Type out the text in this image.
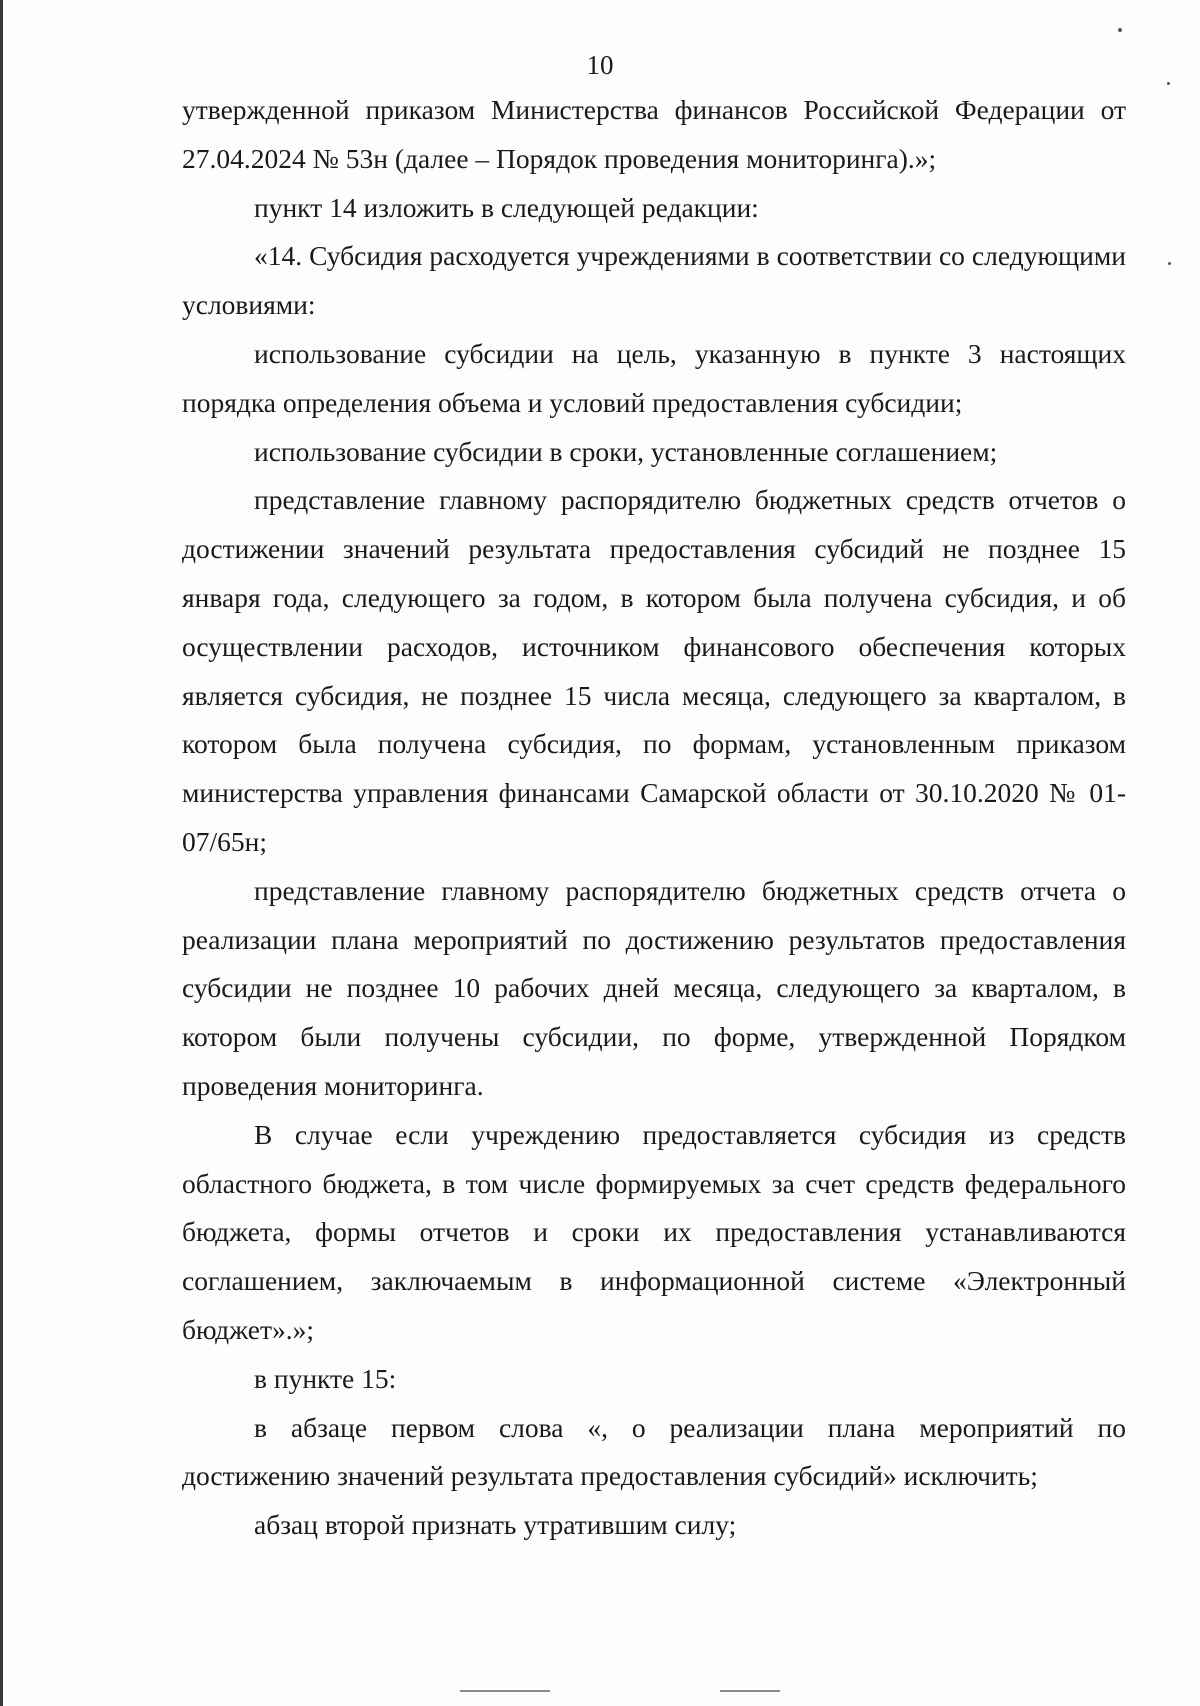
10

утвержденной приказом Министерства финансов Российской Федерации от 27.04.2024 № 53н (далее – Порядок проведения мониторинга).»;

пункт 14 изложить в следующей редакции:

«14. Субсидия расходуется учреждениями в соответствии со следующими условиями:

использование субсидии на цель, указанную в пункте 3 настоящих порядка определения объема и условий предоставления субсидии;

использование субсидии в сроки, установленные соглашением;

представление главному распорядителю бюджетных средств отчетов о достижении значений результата предоставления субсидий не позднее 15 января года, следующего за годом, в котором была получена субсидия, и об осуществлении расходов, источником финансового обеспечения которых является субсидия, не позднее 15 числа месяца, следующего за кварталом, в котором была получена субсидия, по формам, установленным приказом министерства управления финансами Самарской области от 30.10.2020 № 01-07/65н;

представление главному распорядителю бюджетных средств отчета о реализации плана мероприятий по достижению результатов предоставления субсидии не позднее 10 рабочих дней месяца, следующего за кварталом, в котором были получены субсидии, по форме, утвержденной Порядком проведения мониторинга.

В случае если учреждению предоставляется субсидия из средств областного бюджета, в том числе формируемых за счет средств федерального бюджета, формы отчетов и сроки их предоставления устанавливаются соглашением, заключаемым в информационной системе «Электронный бюджет».»;

в пункте 15:

в абзаце первом слова «, о реализации плана мероприятий по достижению значений результата предоставления субсидий» исключить;

абзац второй признать утратившим силу;
